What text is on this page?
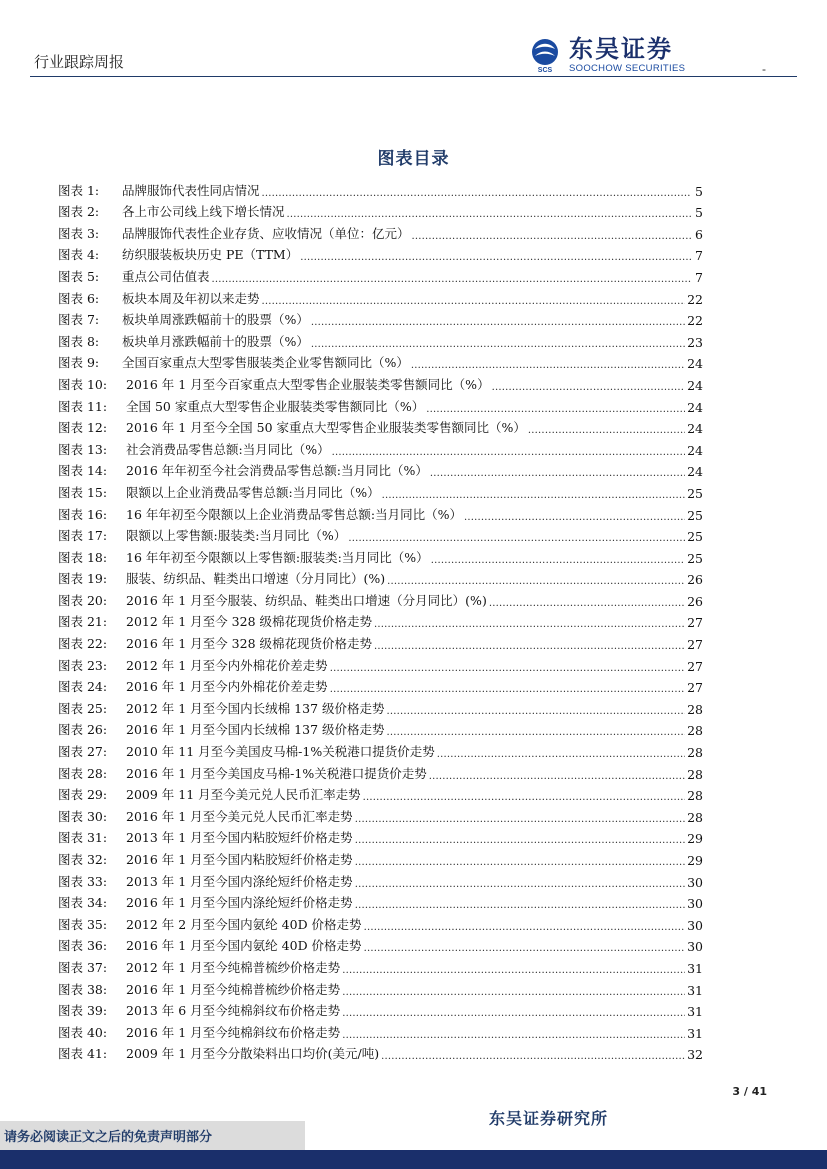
行业跟踪周报	SCS
东吴证券
SOOCHOW SECURITIES	-
图表目录
图表 1:	品牌服饰代表性同店情况 .....	5
图表 2:	各上市公司线上线下增长情况 .....	5
图表 3:	品牌服饰代表性企业存货、应收情况（单位：亿元） .....	6
图表 4:	纺织服装板块历史 PE（TTM） .....	7
图表 5:	重点公司估值表 .....	7
图表 6:	板块本周及年初以来走势 .....	22
图表 7:	板块单周涨跌幅前十的股票（%） .....	22
图表 8:	板块单月涨跌幅前十的股票（%） .....	23
图表 9:	全国百家重点大型零售服装类企业零售额同比（%） .....	24
图表 10:	2016 年 1 月至今百家重点大型零售企业服装类零售额同比（%） .....	24
图表 11:	全国 50 家重点大型零售企业服装类零售额同比（%） .....	24
图表 12:	2016 年 1 月至今全国 50 家重点大型零售企业服装类零售额同比（%） .....	24
图表 13:	社会消费品零售总额:当月同比（%） .....	24
图表 14:	2016 年年初至今社会消费品零售总额:当月同比（%） .....	24
图表 15:	限额以上企业消费品零售总额:当月同比（%） .....	25
图表 16:	16 年年初至今限额以上企业消费品零售总额:当月同比（%） .....	25
图表 17:	限额以上零售额:服装类:当月同比（%） .....	25
图表 18:	16 年年初至今限额以上零售额:服装类:当月同比（%） .....	25
图表 19:	服装、纺织品、鞋类出口增速（分月同比）(%) .....	26
图表 20:	2016 年 1 月至今服装、纺织品、鞋类出口增速（分月同比）(%) .....	26
图表 21:	2012 年 1 月至今 328 级棉花现货价格走势 .....	27
图表 22:	2016 年 1 月至今 328 级棉花现货价格走势 .....	27
图表 23:	2012 年 1 月至今内外棉花价差走势 .....	27
图表 24:	2016 年 1 月至今内外棉花价差走势 .....	27
图表 25:	2012 年 1 月至今国内长绒棉 137 级价格走势 .....	28
图表 26:	2016 年 1 月至今国内长绒棉 137 级价格走势 .....	28
图表 27:	2010 年 11 月至今美国皮马棉-1%关税港口提货价走势 .....	28
图表 28:	2016 年 1 月至今美国皮马棉-1%关税港口提货价走势 .....	28
图表 29:	2009 年 11 月至今美元兑人民币汇率走势 .....	28
图表 30:	2016 年 1 月至今美元兑人民币汇率走势 .....	28
图表 31:	2013 年 1 月至今国内粘胶短纤价格走势 .....	29
图表 32:	2016 年 1 月至今国内粘胶短纤价格走势 .....	29
图表 33:	2013 年 1 月至今国内涤纶短纤价格走势 .....	30
图表 34:	2016 年 1 月至今国内涤纶短纤价格走势 .....	30
图表 35:	2012 年 2 月至今国内氨纶 40D 价格走势 .....	30
图表 36:	2016 年 1 月至今国内氨纶 40D 价格走势 .....	30
图表 37:	2012 年 1 月至今纯棉普梳纱价格走势 .....	31
图表 38:	2016 年 1 月至今纯棉普梳纱价格走势 .....	31
图表 39:	2013 年 6 月至今纯棉斜纹布价格走势 .....	31
图表 40:	2016 年 1 月至今纯棉斜纹布价格走势 .....	31
图表 41:	2009 年 1 月至今分散染料出口均价(美元/吨) .....	32
3 / 41
东吴证券研究所
请务必阅读正文之后的免责声明部分
